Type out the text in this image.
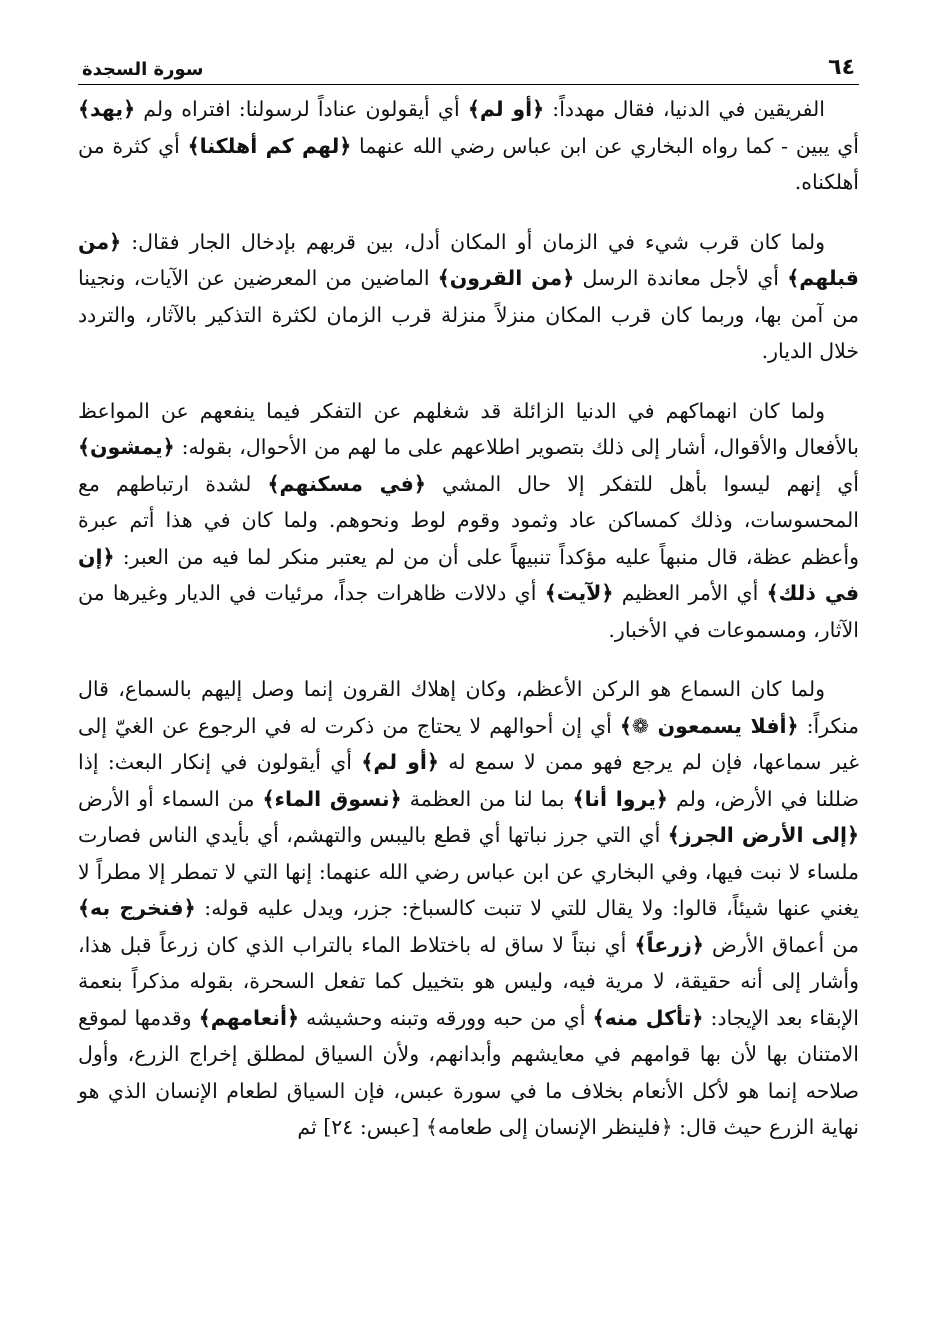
٦٤
سورة السجدة

الفريقين في الدنيا، فقال مهدداً: ﴿أو لم﴾ أي أيقولون عناداً لرسولنا: افتراه ولم ﴿يهد﴾ أي يبين - كما رواه البخاري عن ابن عباس رضي الله عنهما ﴿لهم كم أهلكنا﴾ أي كثرة من أهلكناه.

ولما كان قرب شيء في الزمان أو المكان أدل، بين قربهم بإدخال الجار فقال: ﴿من قبلهم﴾ أي لأجل معاندة الرسل ﴿من القرون﴾ الماضين من المعرضين عن الآيات، ونجينا من آمن بها، وربما كان قرب المكان منزلاً منزلة قرب الزمان لكثرة التذكير بالآثار، والتردد خلال الديار.

ولما كان انهماكهم في الدنيا الزائلة قد شغلهم عن التفكر فيما ينفعهم عن المواعظ بالأفعال والأقوال، أشار إلى ذلك بتصوير اطلاعهم على ما لهم من الأحوال، بقوله: ﴿يمشون﴾ أي إنهم ليسوا بأهل للتفكر إلا حال المشي ﴿في مسكنهم﴾ لشدة ارتباطهم مع المحسوسات، وذلك كمساكن عاد وثمود وقوم لوط ونحوهم. ولما كان في هذا أتم عبرة وأعظم عظة، قال منبهاً عليه مؤكداً تنبيهاً على أن من لم يعتبر منكر لما فيه من العبر: ﴿إن في ذلك﴾ أي الأمر العظيم ﴿لآيت﴾ أي دلالات ظاهرات جداً، مرئيات في الديار وغيرها من الآثار، ومسموعات في الأخبار.

ولما كان السماع هو الركن الأعظم، وكان إهلاك القرون إنما وصل إليهم بالسماع، قال منكراً: ﴿أفلا يسمعون ❁﴾ أي إن أحوالهم لا يحتاج من ذكرت له في الرجوع عن الغيّ إلى غير سماعها، فإن لم يرجع فهو ممن لا سمع له ﴿أو لم﴾ أي أيقولون في إنكار البعث: إذا ضللنا في الأرض، ولم ﴿يروا أنا﴾ بما لنا من العظمة ﴿نسوق الماء﴾ من السماء أو الأرض ﴿إلى الأرض الجرز﴾ أي التي جرز نباتها أي قطع باليبس والتهشم، أي بأيدي الناس فصارت ملساء لا نبت فيها، وفي البخاري عن ابن عباس رضي الله عنهما: إنها التي لا تمطر إلا مطراً لا يغني عنها شيئاً، قالوا: ولا يقال للتي لا تنبت كالسباخ: جزر، ويدل عليه قوله: ﴿فنخرج به﴾ من أعماق الأرض ﴿زرعاً﴾ أي نبتاً لا ساق له باختلاط الماء بالتراب الذي كان زرعاً قبل هذا، وأشار إلى أنه حقيقة، لا مرية فيه، وليس هو بتخييل كما تفعل السحرة، بقوله مذكراً بنعمة الإبقاء بعد الإيجاد: ﴿تأكل منه﴾ أي من حبه وورقه وتبنه وحشيشه ﴿أنعامهم﴾ وقدمها لموقع الامتنان بها لأن بها قوامهم في معايشهم وأبدانهم، ولأن السياق لمطلق إخراج الزرع، وأول صلاحه إنما هو لأكل الأنعام بخلاف ما في سورة عبس، فإن السياق لطعام الإنسان الذي هو نهاية الزرع حيث قال: ﴿فلينظر الإنسان إلى طعامه﴾ [عبس: ٢٤] ثم
